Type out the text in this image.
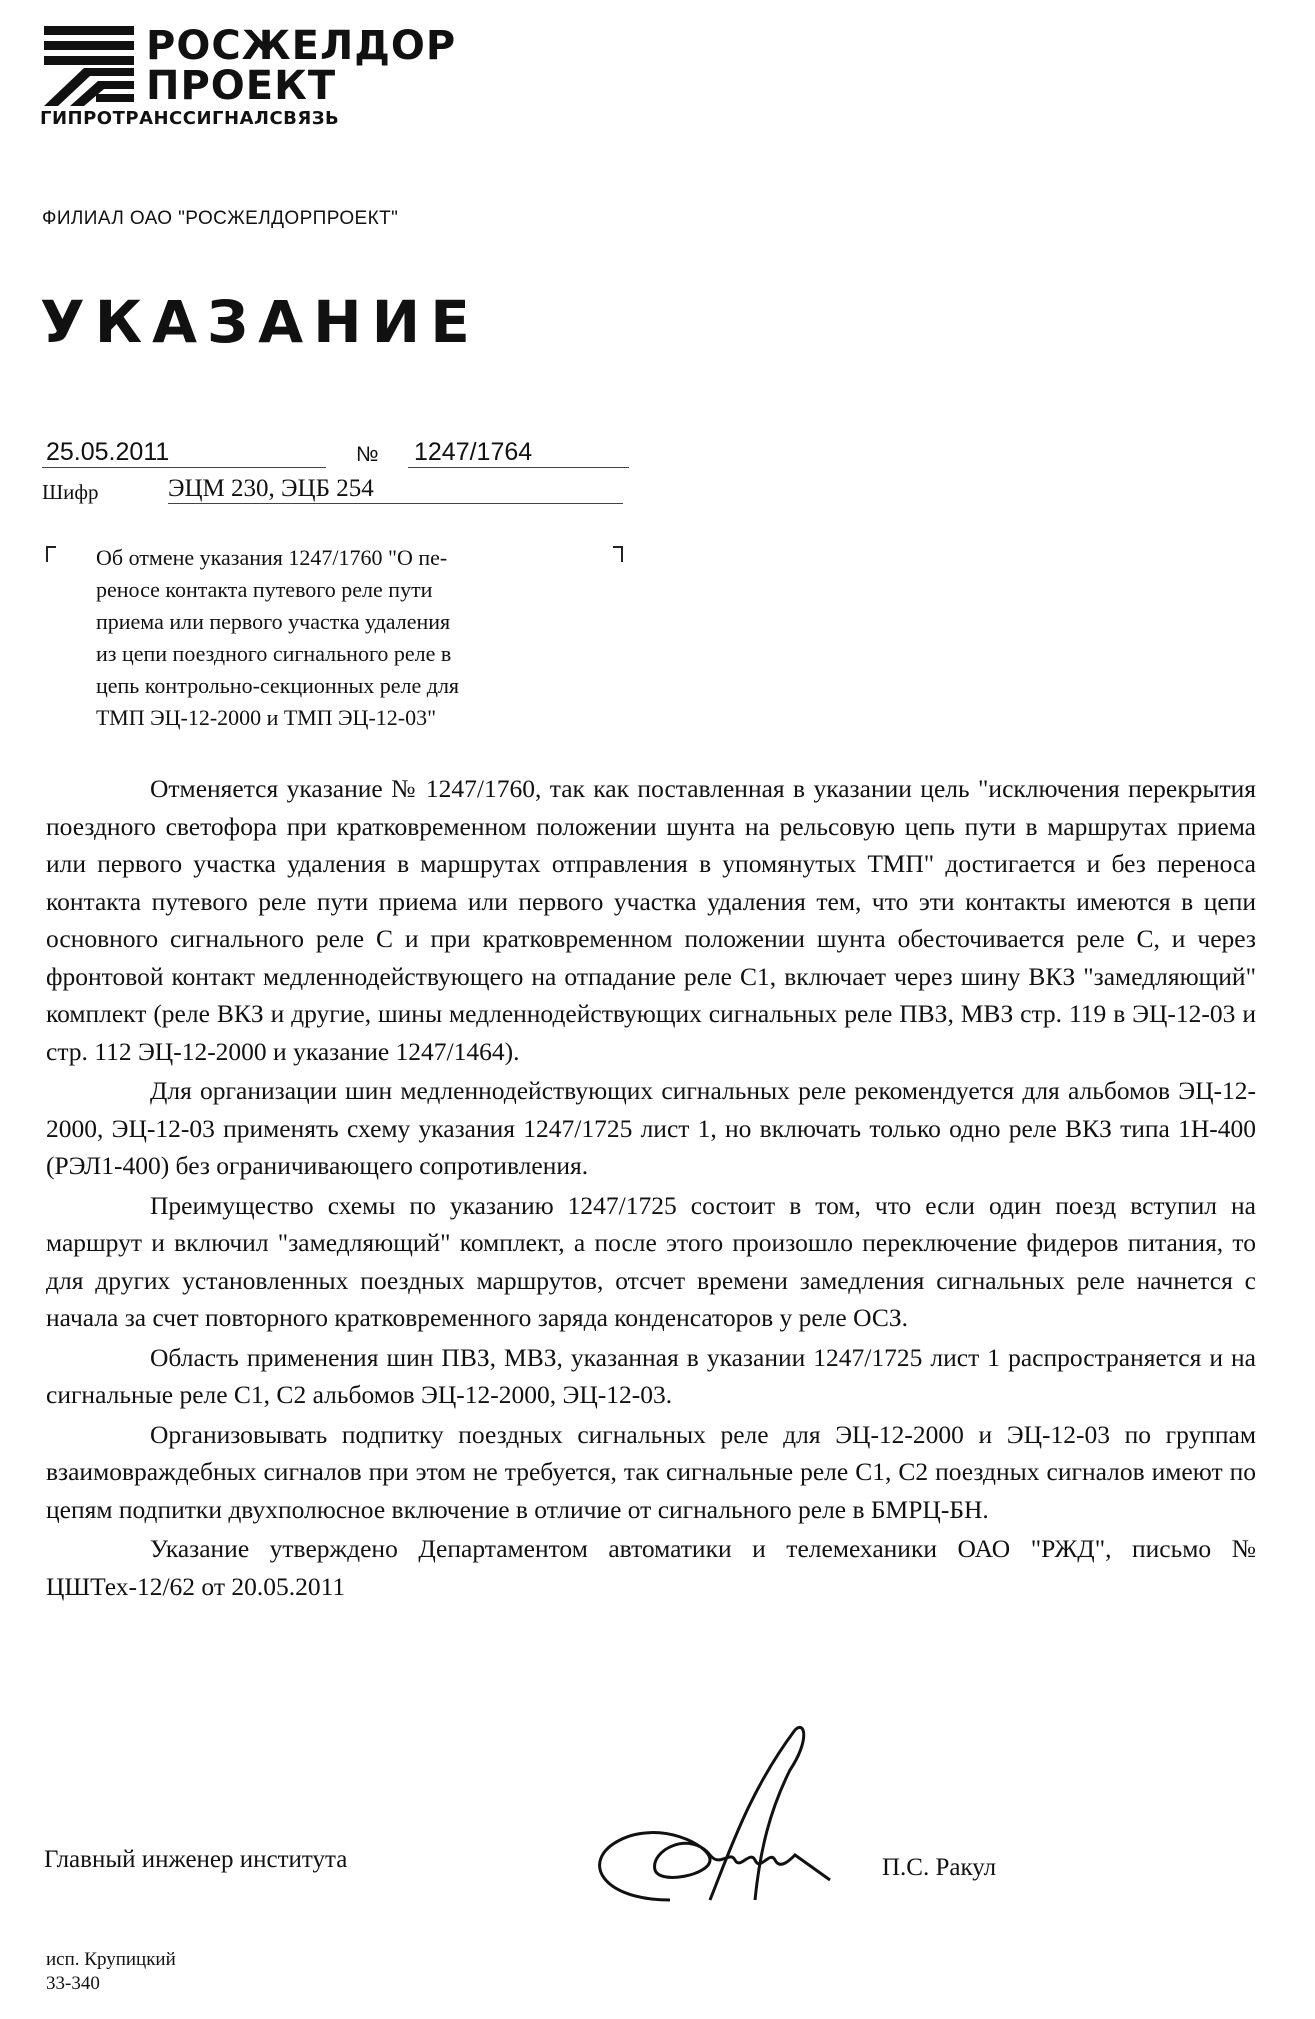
РОСЖЕЛДОР
ПРОЕКТ
ГИПРОТРАНССИГНАЛСВЯЗЬ
ФИЛИАЛ ОАО "РОСЖЕЛДОРПРОЕКТ"
УКАЗАНИЕ
25.05.2011	№ 1247/1764
Шифр	ЭЦМ 230, ЭЦБ 254
Об отмене указания 1247/1760 "О пе-
реносе контакта путевого реле пути
приема или первого участка удаления
из цепи поездного сигнального реле в
цепь контрольно-секционных реле для
ТМП ЭЦ-12-2000 и ТМП ЭЦ-12-03"

Отменяется указание № 1247/1760, так как поставленная в указании цель "исключения перекрытия поездного светофора при кратковременном положении шунта на рельсовую цепь пути в маршрутах приема или первого участка удаления в маршрутах отправления в упомянутых ТМП" достигается и без переноса контакта путевого реле пути приема или первого участка удаления тем, что эти контакты имеются в цепи основного сигнального реле С и при кратковременном положении шунта обесточивается реле С, и через фронтовой контакт медленнодействующего на отпадание реле С1, включает через шину ВКЗ "замедляющий" комплект (реле ВКЗ и другие, шины медленнодействующих сигнальных реле ПВЗ, МВЗ стр. 119 в ЭЦ-12-03 и стр. 112 ЭЦ-12-2000 и указание 1247/1464).

Для организации шин медленнодействующих сигнальных реле рекомендуется для альбомов ЭЦ-12-2000, ЭЦ-12-03 применять схему указания 1247/1725 лист 1, но включать только одно реле ВКЗ типа 1Н-400 (РЭЛ1-400) без ограничивающего сопротивления.

Преимущество схемы по указанию 1247/1725 состоит в том, что если один поезд вступил на маршрут и включил "замедляющий" комплект, а после этого произошло переключение фидеров питания, то для других установленных поездных маршрутов, отсчет времени замедления сигнальных реле начнется с начала за счет повторного кратковременного заряда конденсаторов у реле ОСЗ.

Область применения шин ПВЗ, МВЗ, указанная в указании 1247/1725 лист 1 распространяется и на сигнальные реле С1, С2 альбомов ЭЦ-12-2000, ЭЦ-12-03.

Организовывать подпитку поездных сигнальных реле для ЭЦ-12-2000 и ЭЦ-12-03 по группам взаимовраждебных сигналов при этом не требуется, так сигнальные реле С1, С2 поездных сигналов имеют по цепям подпитки двухполюсное включение в отличие от сигнального реле в БМРЦ-БН.

Указание утверждено Департаментом автоматики и телемеханики ОАО "РЖД", письмо № ЦШТех-12/62 от 20.05.2011

Главный инженер института	П.С. Ракул
исп. Крупицкий
33-340
